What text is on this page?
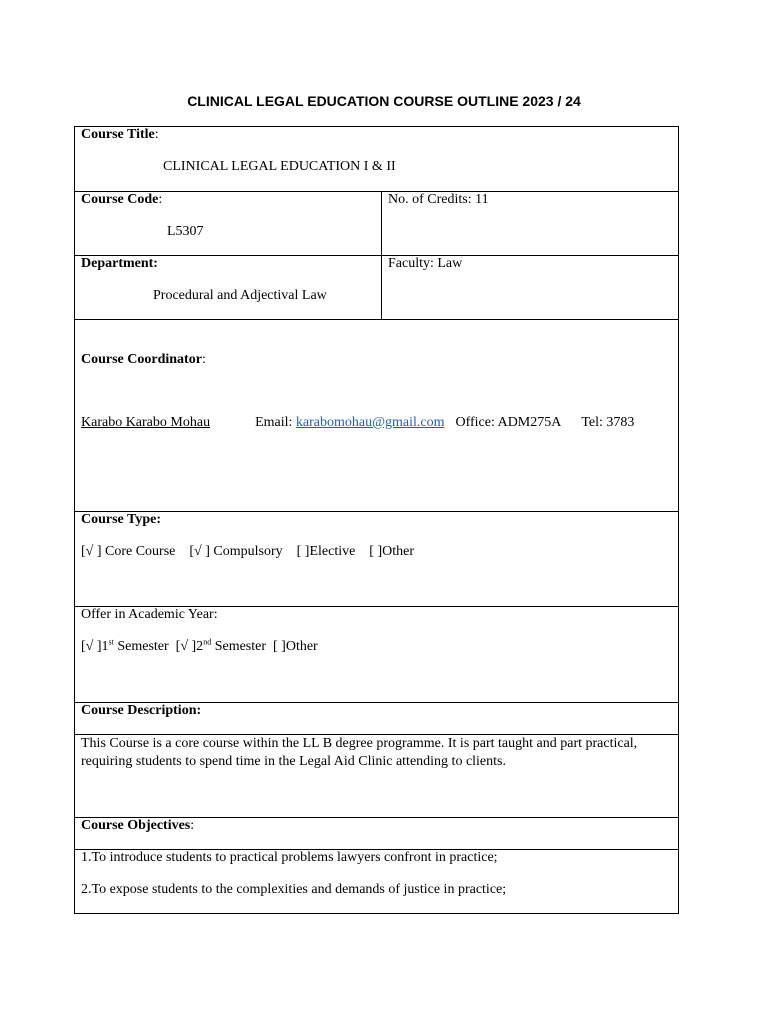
CLINICAL LEGAL EDUCATION COURSE OUTLINE 2023 / 24
Course Title:
CLINICAL LEGAL EDUCATION I & II	

Course Code:
L5307	No. of Credits: 11

Department:
Procedural and Adjectival Law	Faculty: Law

Course Coordinator:
Karabo Karabo Mohau Email: karabomohau@gmail.com Office: ADM275A Tel: 3783	

Course Type:
[√ ] Core Course    [√ ] Compulsory    [ ]Elective    [ ]Other	

Offer in Academic Year:
[√ ]1st Semester  [√ ]2nd Semester  [ ]Other	

Course Description:	

This Course is a core course within the LL B degree programme. It is part taught and part practical,
requiring students to spend time in the Legal Aid Clinic attending to clients.	

Course Objectives:	

1.To introduce students to practical problems lawyers confront in practice;
2.To expose students to the complexities and demands of justice in practice;	
